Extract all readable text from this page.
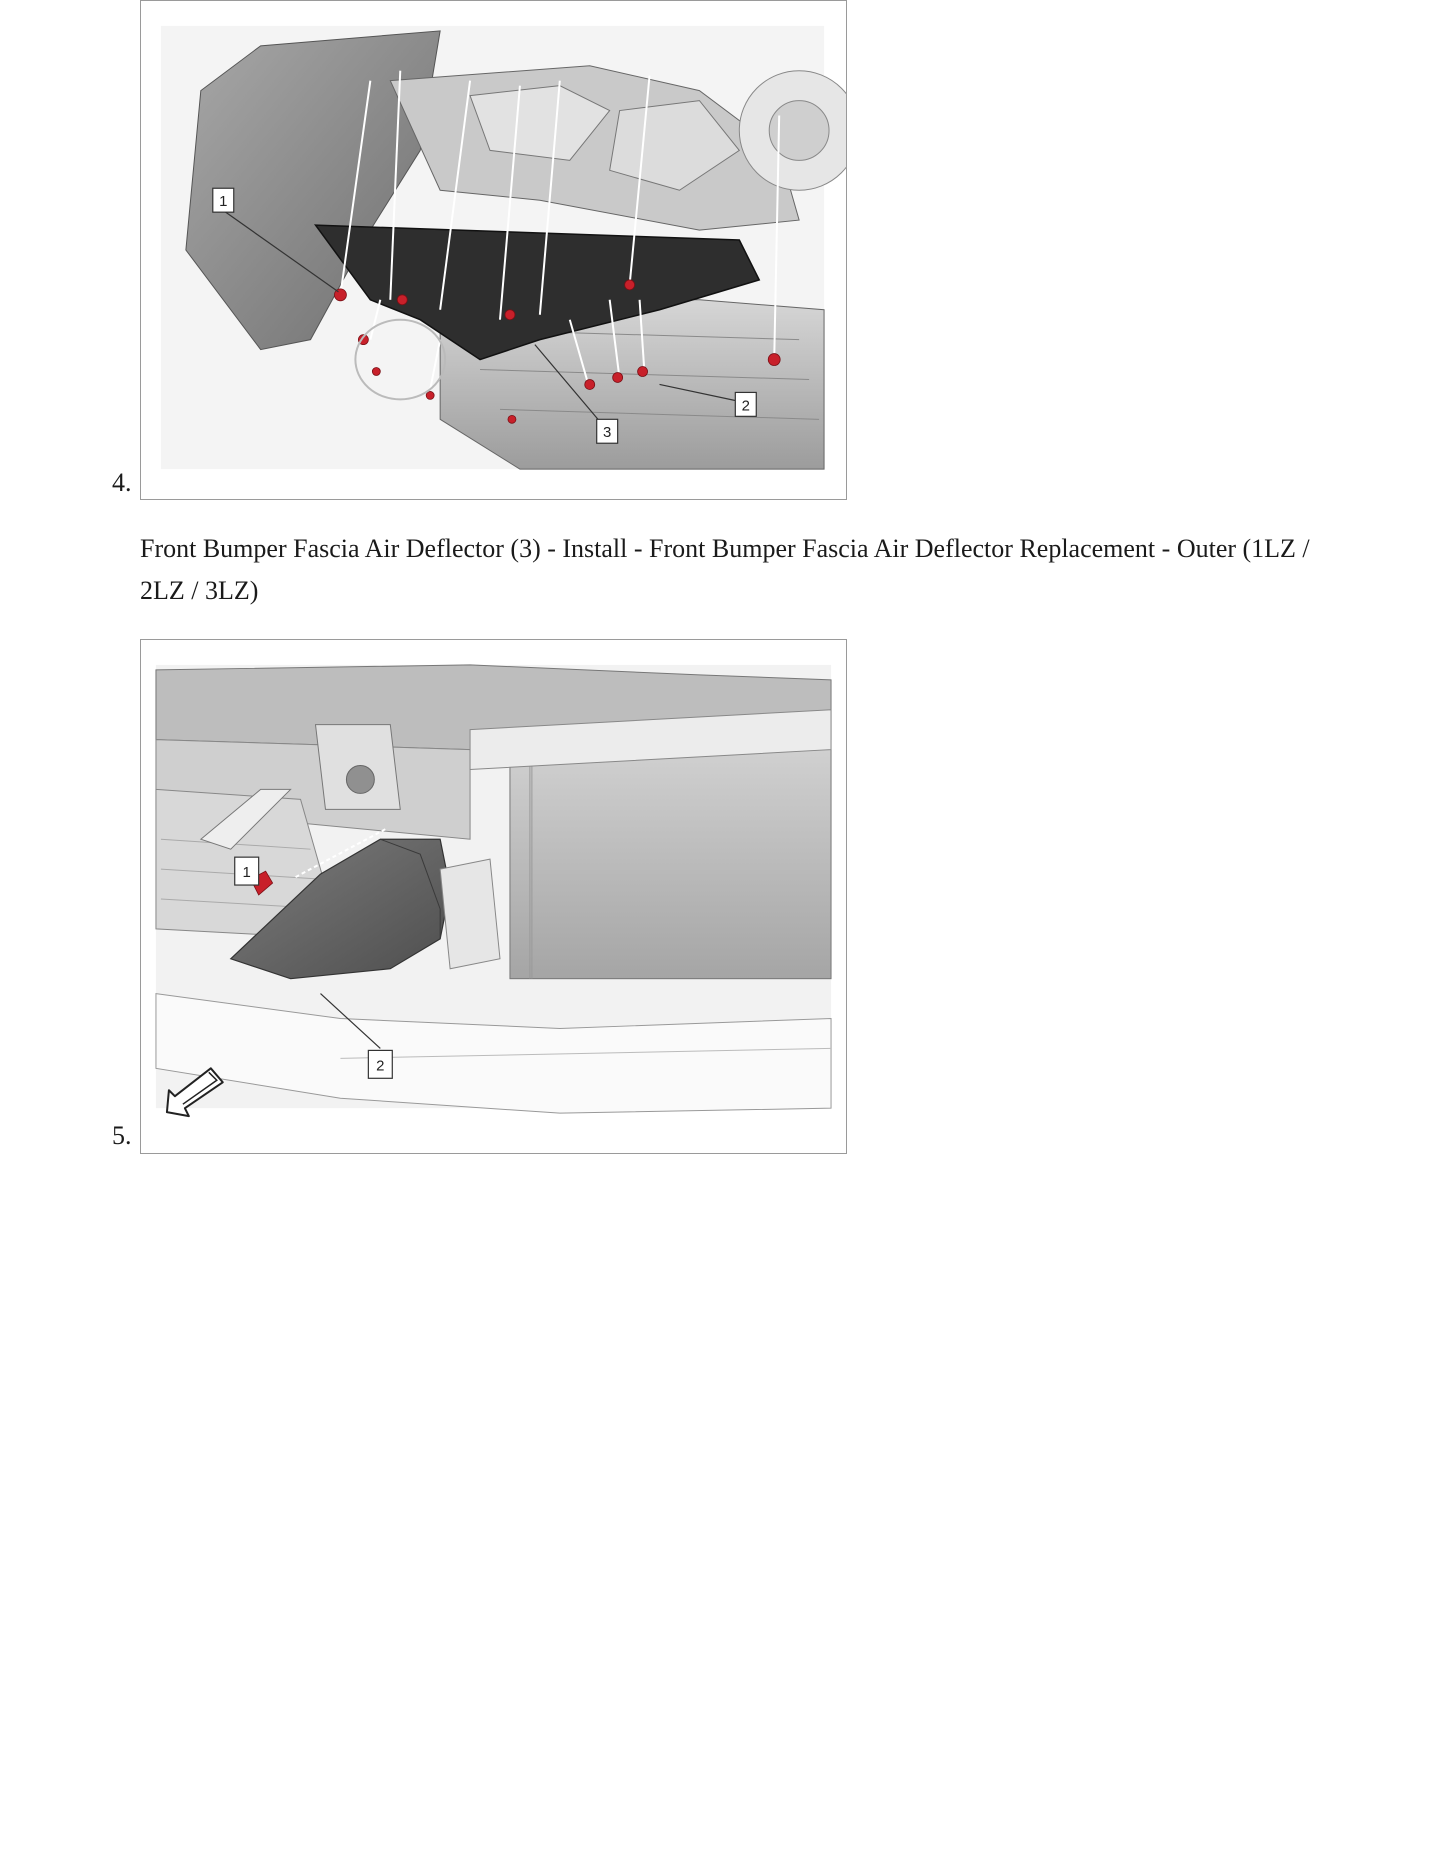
4.
1
2
3
Front Bumper Fascia Air Deflector (3) - Install - Front Bumper Fascia Air Deflector Replacement - Outer (1LZ / 2LZ / 3LZ)
5.
1
2
